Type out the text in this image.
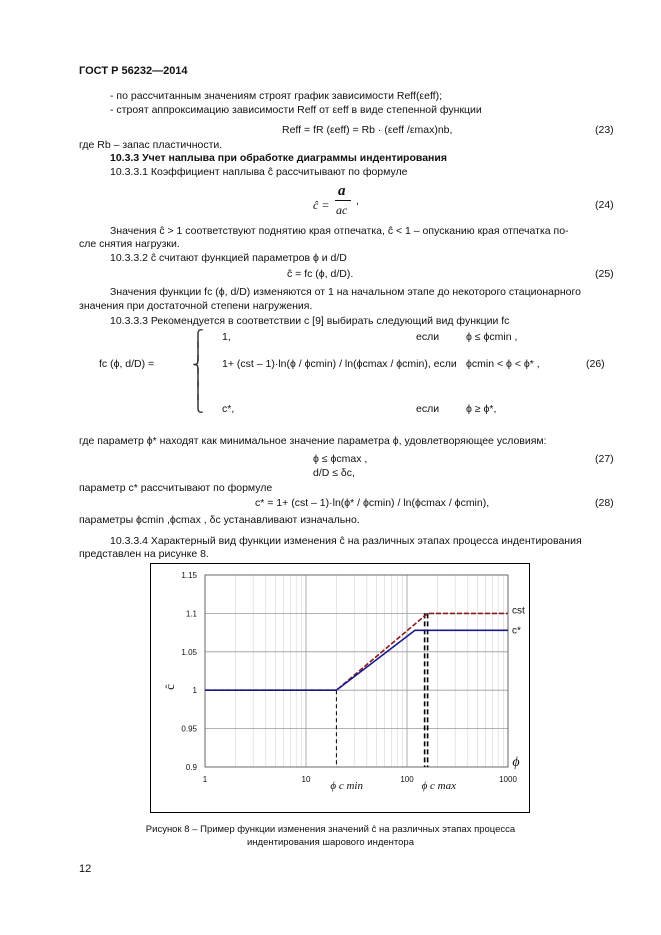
ГОСТ Р 56232—2014
- по рассчитанным значениям строят график зависимости Reff(εeff);
- строят аппроксимацию зависимости Reff от εeff в виде степенной функции
Reff = fR (εeff) = Rb · (εeff /εmax)nb,	(23)
где Rb – запас пластичности.
10.3.3 Учет наплыва при обработке диаграммы индентирования
10.3.3.1 Коэффициент наплыва ĉ рассчитывают по формуле
ĉ =
a
ac
,	(24)
Значения ĉ > 1 соответствуют поднятию края отпечатка, ĉ < 1 – опусканию края отпечатка по-
сле снятия нагрузки.
10.3.3.2 ĉ считают функцией параметров ϕ и d/D
ĉ = fc (ϕ, d/D).	(25)
Значения функции fc (ϕ, d/D) изменяются от 1 на начальном этапе до некоторого стационарного
значения при достаточной степени нагружения.
10.3.3.3 Рекомендуется в соответствии с [9] выбирать следующий вид функции fc
fc (ϕ, d/D) =
⎧
⎪
⎨
⎪
⎪
⎩
1,	если	ϕ ≤ ϕcmin ,
1+ (cst – 1)·ln(ϕ / ϕcmin) / ln(ϕcmax / ϕcmin), если ϕcmin < ϕ < ϕ* ,	(26)
c*,	если	ϕ ≥ ϕ*,
где параметр ϕ* находят как минимальное значение параметра ϕ, удовлетворяющее условиям:
ϕ ≤ ϕcmax ,	(27)
d/D ≤ δc,
параметр c* рассчитывают по формуле
c* = 1+ (cst – 1)·ln(ϕ* / ϕcmin) / ln(ϕcmax / ϕcmin),	(28)
параметры ϕcmin ,ϕcmax , δc устанавливают изначально.
10.3.3.4 Характерный вид функции изменения ĉ на различных этапах процесса индентирования
представлен на рисунке 8.
1.15
1.1
1.05
1
0.95
0.9
1	10	100	1000
ĉ
ϕ
cst
c*
ϕ c min	ϕ c max
Рисунок 8 – Пример функции изменения значений ĉ на различных этапах процесса
индентирования шарового индентора
12
